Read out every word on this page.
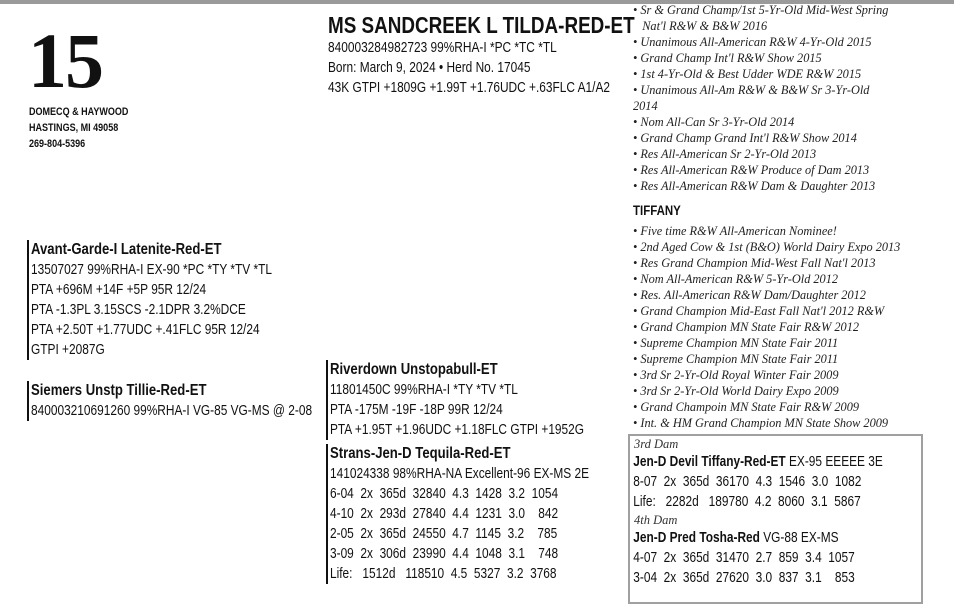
15
DOMECQ & HAYWOOD
HASTINGS, MI 49058
269-804-5396
MS SANDCREEK L TILDA-RED-ET
840003284982723 99%RHA-I *PC *TC *TL
Born: March 9, 2024 • Herd No. 17045
43K GTPI +1809G +1.99T +1.76UDC +.63FLC A1/A2
Avant-Garde-I Latenite-Red-ET
13507027 99%RHA-I EX-90 *PC *TY *TV *TL
PTA +696M +14F +5P 95R 12/24
PTA -1.3PL 3.15SCS -2.1DPR 3.2%DCE
PTA +2.50T +1.77UDC +.41FLC 95R 12/24
GTPI +2087G
Siemers Unstp Tillie-Red-ET
840003210691260 99%RHA-I VG-85 VG-MS @ 2-08
Riverdown Unstopabull-ET
11801450C 99%RHA-I *TY *TV *TL
PTA -175M -19F -18P 99R 12/24
PTA +1.95T +1.96UDC +1.18FLC GTPI +1952G
Strans-Jen-D Tequila-Red-ET
141024338 98%RHA-NA Excellent-96 EX-MS 2E
6-04  2x  365d  32840  4.3  1428  3.2  1054
4-10  2x  293d  27840  4.4  1231  3.0    842
2-05  2x  365d  24550  4.7  1145  3.2    785
3-09  2x  306d  23990  4.4  1048  3.1    748
Life:   1512d   118510  4.5  5327  3.2  3768
• Sr & Grand Champ/1st 5-Yr-Old Mid-West Spring
Nat'l R&W & B&W 2016
• Unanimous All-American R&W 4-Yr-Old 2015
• Grand Champ Int'l R&W Show 2015
• 1st 4-Yr-Old & Best Udder WDE R&W 2015
• Unanimous All-Am R&W & B&W Sr 3-Yr-Old
2014
• Nom All-Can Sr 3-Yr-Old 2014
• Grand Champ Grand Int'l R&W Show 2014
• Res All-American Sr 2-Yr-Old 2013
• Res All-American R&W Produce of Dam 2013
• Res All-American R&W Dam & Daughter 2013
TIFFANY
• Five time R&W All-American Nominee!
• 2nd Aged Cow & 1st (B&O) World Dairy Expo 2013
• Res Grand Champion Mid-West Fall Nat'l 2013
• Nom All-American R&W 5-Yr-Old 2012
• Res. All-American R&W Dam/Daughter 2012
• Grand Champion Mid-East Fall Nat'l 2012 R&W
• Grand Champion MN State Fair R&W 2012
• Supreme Champion MN State Fair 2011
• Supreme Champion MN State Fair 2011
• 3rd Sr 2-Yr-Old Royal Winter Fair 2009
• 3rd Sr 2-Yr-Old World Dairy Expo 2009
• Grand Champoin MN State Fair R&W 2009
• Int. & HM Grand Champion MN State Show 2009
3rd Dam
Jen-D Devil Tiffany-Red-ET EX-95 EEEEE 3E
8-07  2x  365d  36170  4.3  1546  3.0  1082
Life:   2282d   189780  4.2  8060  3.1  5867
4th Dam
Jen-D Pred Tosha-Red VG-88 EX-MS
4-07  2x  365d  31470  2.7  859  3.4  1057
3-04  2x  365d  27620  3.0  837  3.1    853
